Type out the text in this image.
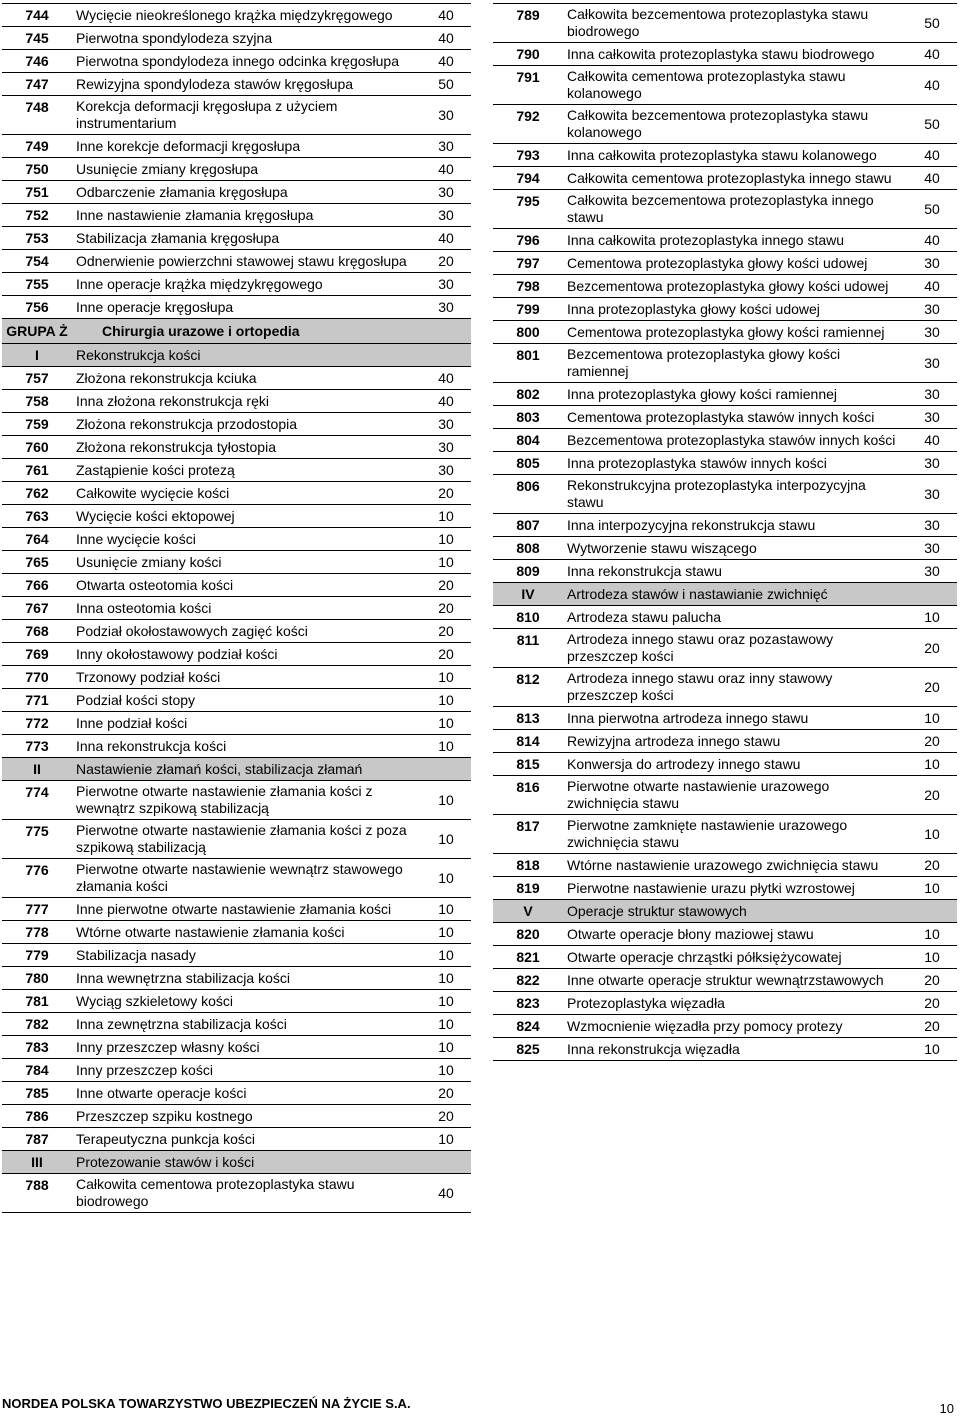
744	Wycięcie nieokreślonego krążka międzykręgowego	40
745	Pierwotna spondylodeza szyjna	40
746	Pierwotna spondylodeza innego odcinka kręgosłupa	40
747	Rewizyjna spondylodeza stawów kręgosłupa	50
748	Korekcja deformacji kręgosłupa z użyciem instrumentarium	30
749	Inne korekcje deformacji kręgosłupa	30
750	Usunięcie zmiany kręgosłupa	40
751	Odbarczenie złamania kręgosłupa	30
752	Inne nastawienie złamania kręgosłupa	30
753	Stabilizacja złamania kręgosłupa	40
754	Odnerwienie powierzchni stawowej stawu kręgosłupa	20
755	Inne operacje krążka międzykręgowego	30
756	Inne operacje kręgosłupa	30
GRUPA Ż	Chirurgia urazowe i ortopedia	
I	Rekonstrukcja kości	
757	Złożona rekonstrukcja kciuka	40
758	Inna złożona rekonstrukcja ręki	40
759	Złożona rekonstrukcja przodostopia	30
760	Złożona rekonstrukcja tyłostopia	30
761	Zastąpienie kości protezą	30
762	Całkowite wycięcie kości	20
763	Wycięcie kości ektopowej	10
764	Inne wycięcie kości	10
765	Usunięcie zmiany kości	10
766	Otwarta osteotomia kości	20
767	Inna osteotomia kości	20
768	Podział okołostawowych zagięć kości	20
769	Inny okołostawowy podział kości	20
770	Trzonowy podział kości	10
771	Podział kości stopy	10
772	Inne podział kości	10
773	Inna rekonstrukcja kości	10
II	Nastawienie złamań kości, stabilizacja złamań	
774	Pierwotne otwarte nastawienie złamania kości z wewnątrz szpikową stabilizacją	10
775	Pierwotne otwarte nastawienie złamania kości z poza szpikową stabilizacją	10
776	Pierwotne otwarte nastawienie wewnątrz stawowego złamania kości	10
777	Inne pierwotne otwarte nastawienie złamania kości	10
778	Wtórne otwarte nastawienie złamania kości	10
779	Stabilizacja nasady	10
780	Inna wewnętrzna stabilizacja kości	10
781	Wyciąg szkieletowy kości	10
782	Inna zewnętrzna stabilizacja kości	10
783	Inny przeszczep własny kości	10
784	Inny przeszczep kości	10
785	Inne otwarte operacje kości	20
786	Przeszczep szpiku kostnego	20
787	Terapeutyczna punkcja kości	10
III	Protezowanie stawów i kości	
788	Całkowita cementowa protezoplastyka stawu biodrowego	40
789	Całkowita bezcementowa protezoplastyka stawu biodrowego	50
790	Inna całkowita protezoplastyka stawu biodrowego	40
791	Całkowita cementowa protezoplastyka stawu kolanowego	40
792	Całkowita bezcementowa protezoplastyka stawu kolanowego	50
793	Inna całkowita protezoplastyka stawu kolanowego	40
794	Całkowita cementowa protezoplastyka innego stawu	40
795	Całkowita bezcementowa protezoplastyka innego stawu	50
796	Inna całkowita protezoplastyka innego stawu	40
797	Cementowa protezoplastyka głowy kości udowej	30
798	Bezcementowa protezoplastyka głowy kości udowej	40
799	Inna protezoplastyka głowy kości udowej	30
800	Cementowa protezoplastyka głowy kości ramiennej	30
801	Bezcementowa protezoplastyka głowy kości ramiennej	30
802	Inna protezoplastyka głowy kości ramiennej	30
803	Cementowa protezoplastyka stawów innych kości	30
804	Bezcementowa protezoplastyka stawów innych kości	40
805	Inna protezoplastyka stawów innych kości	30
806	Rekonstrukcyjna protezoplastyka interpozycyjna stawu	30
807	Inna interpozycyjna rekonstrukcja stawu	30
808	Wytworzenie stawu wiszącego	30
809	Inna rekonstrukcja stawu	30
IV	Artrodeza stawów i nastawianie zwichnięć	
810	Artrodeza stawu palucha	10
811	Artrodeza innego stawu oraz pozastawowy przeszczep kości	20
812	Artrodeza innego stawu oraz inny stawowy przeszczep kości	20
813	Inna pierwotna artrodeza innego stawu	10
814	Rewizyjna artrodeza innego stawu	20
815	Konwersja do artrodezy innego stawu	10
816	Pierwotne otwarte nastawienie urazowego zwichnięcia stawu	20
817	Pierwotne zamknięte nastawienie urazowego zwichnięcia stawu	10
818	Wtórne nastawienie urazowego zwichnięcia stawu	20
819	Pierwotne nastawienie urazu płytki wzrostowej	10
V	Operacje struktur stawowych	
820	Otwarte operacje błony maziowej stawu	10
821	Otwarte operacje chrząstki półksiężycowatej	10
822	Inne otwarte operacje struktur wewnątrzstawowych	20
823	Protezoplastyka więzadła	20
824	Wzmocnienie więzadła przy pomocy protezy	20
825	Inna rekonstrukcja więzadła	10
NORDEA POLSKA TOWARZYSTWO UBEZPIECZEŃ NA ŻYCIE S.A.	10
